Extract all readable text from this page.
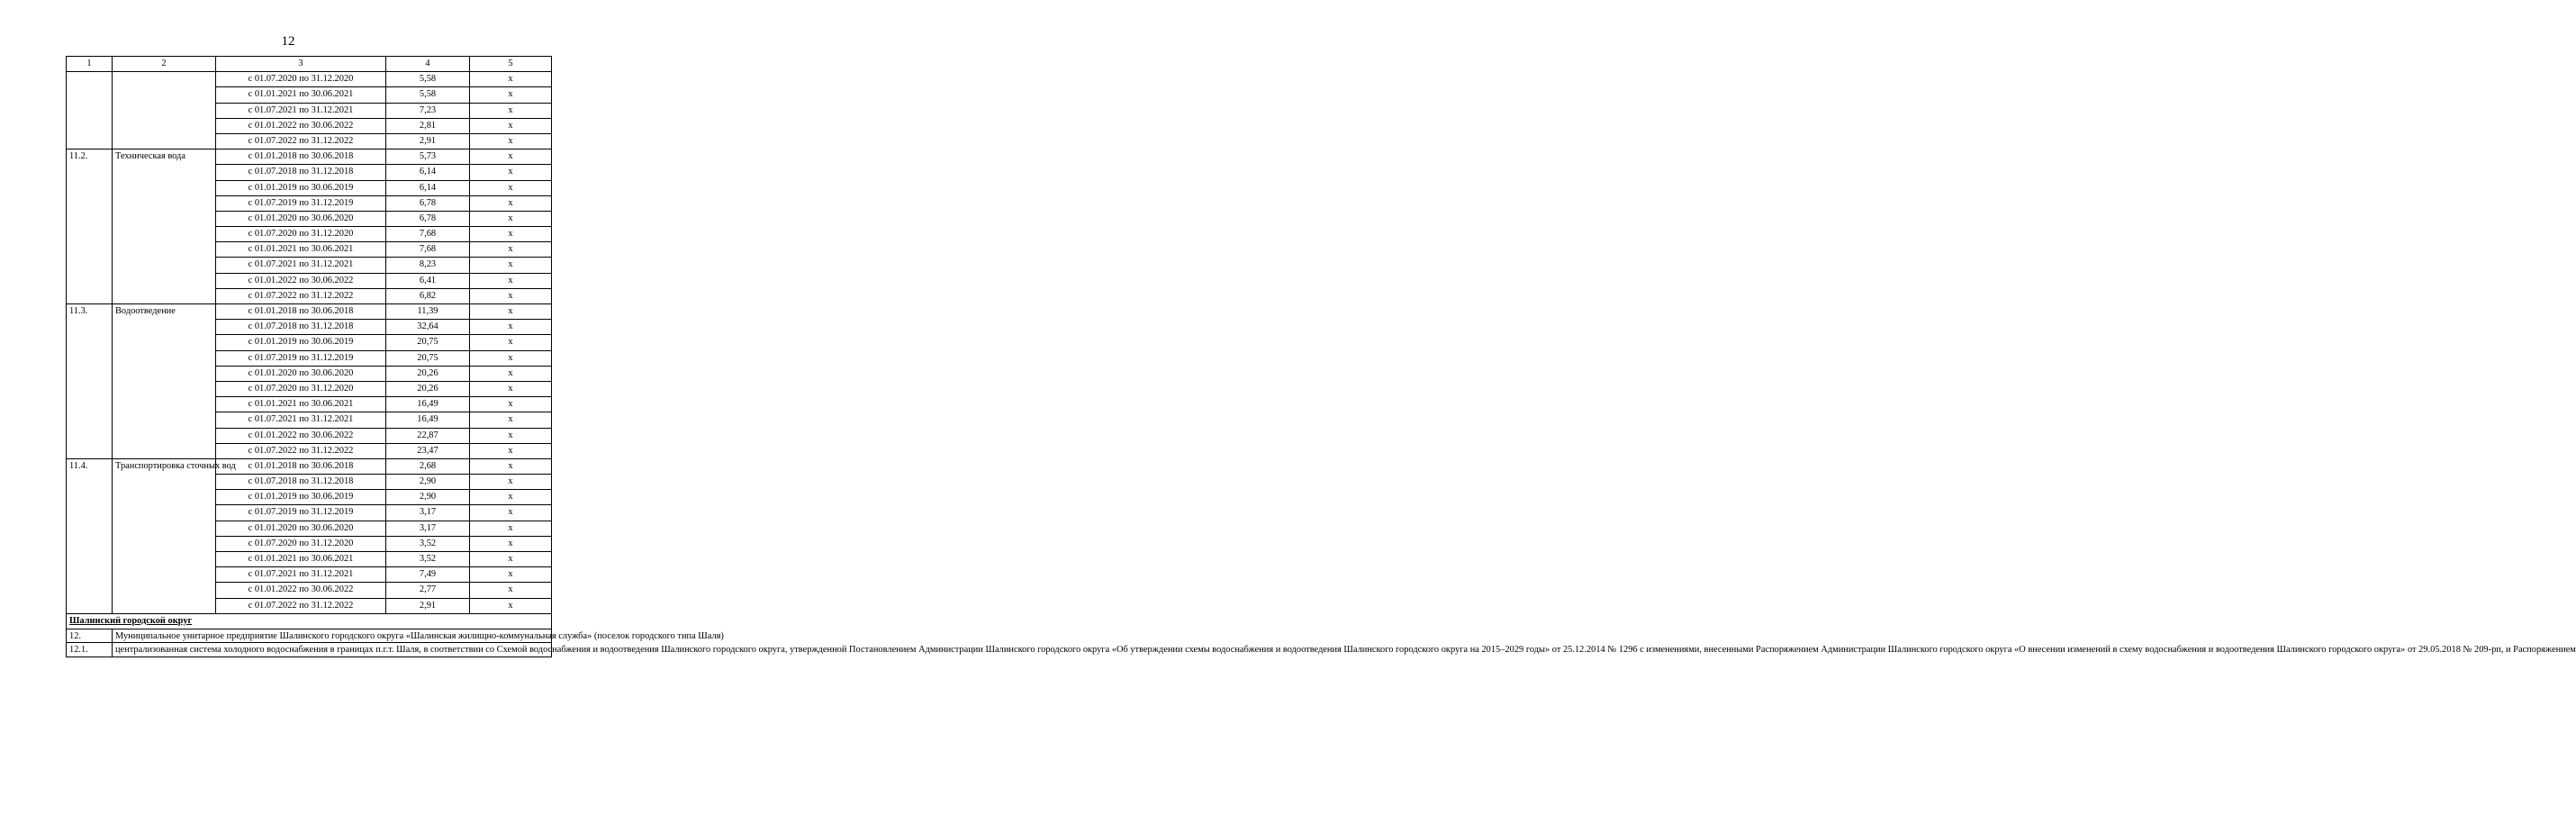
12
1	2	3	4	5
		с 01.07.2020 по 31.12.2020	5,58	х
		с 01.01.2021 по 30.06.2021	5,58	х
		с 01.07.2021 по 31.12.2021	7,23	х
		с 01.01.2022 по 30.06.2022	2,81	х
		с 01.07.2022 по 31.12.2022	2,91	х
11.2.	Техническая вода	с 01.01.2018 по 30.06.2018	5,73	х
		с 01.07.2018 по 31.12.2018	6,14	х
		с 01.01.2019 по 30.06.2019	6,14	х
		с 01.07.2019 по 31.12.2019	6,78	х
		с 01.01.2020 по 30.06.2020	6,78	х
		с 01.07.2020 по 31.12.2020	7,68	х
		с 01.01.2021 по 30.06.2021	7,68	х
		с 01.07.2021 по 31.12.2021	8,23	х
		с 01.01.2022 по 30.06.2022	6,41	х
		с 01.07.2022 по 31.12.2022	6,82	х
11.3.	Водоотведение	с 01.01.2018 по 30.06.2018	11,39	х
		с 01.07.2018 по 31.12.2018	32,64	х
		с 01.01.2019 по 30.06.2019	20,75	х
		с 01.07.2019 по 31.12.2019	20,75	х
		с 01.01.2020 по 30.06.2020	20,26	х
		с 01.07.2020 по 31.12.2020	20,26	х
		с 01.01.2021 по 30.06.2021	16,49	х
		с 01.07.2021 по 31.12.2021	16,49	х
		с 01.01.2022 по 30.06.2022	22,87	х
		с 01.07.2022 по 31.12.2022	23,47	х
11.4.	Транспортировка сточных вод	с 01.01.2018 по 30.06.2018	2,68	х
		с 01.07.2018 по 31.12.2018	2,90	х
		с 01.01.2019 по 30.06.2019	2,90	х
		с 01.07.2019 по 31.12.2019	3,17	х
		с 01.01.2020 по 30.06.2020	3,17	х
		с 01.07.2020 по 31.12.2020	3,52	х
		с 01.01.2021 по 30.06.2021	3,52	х
		с 01.07.2021 по 31.12.2021	7,49	х
		с 01.01.2022 по 30.06.2022	2,77	х
		с 01.07.2022 по 31.12.2022	2,91	х
Шалинский городской округ				
12.	Муниципальное унитарное предприятие Шалинского городского округа «Шалинская жилищно-коммунальная служба» (поселок городского типа Шаля)			
12.1.	централизованная система холодного водоснабжения в границах п.г.т. Шаля, в соответствии со Схемой водоснабжения и водоотведения Шалинского городского округа, утвержденной Постановлением Администрации Шалинского городского округа «Об утверждении схемы водоснабжения и водоотведения Шалинского городского округа на 2015–2029 годы» от 25.12.2014 № 1296 с изменениями, внесенными Распоряжением Администрации Шалинского городского округа «О внесении изменений в схему водоснабжения и водоотведения Шалинского городского округа» от 29.05.2018 № 209-рп, и Распоряжением			
